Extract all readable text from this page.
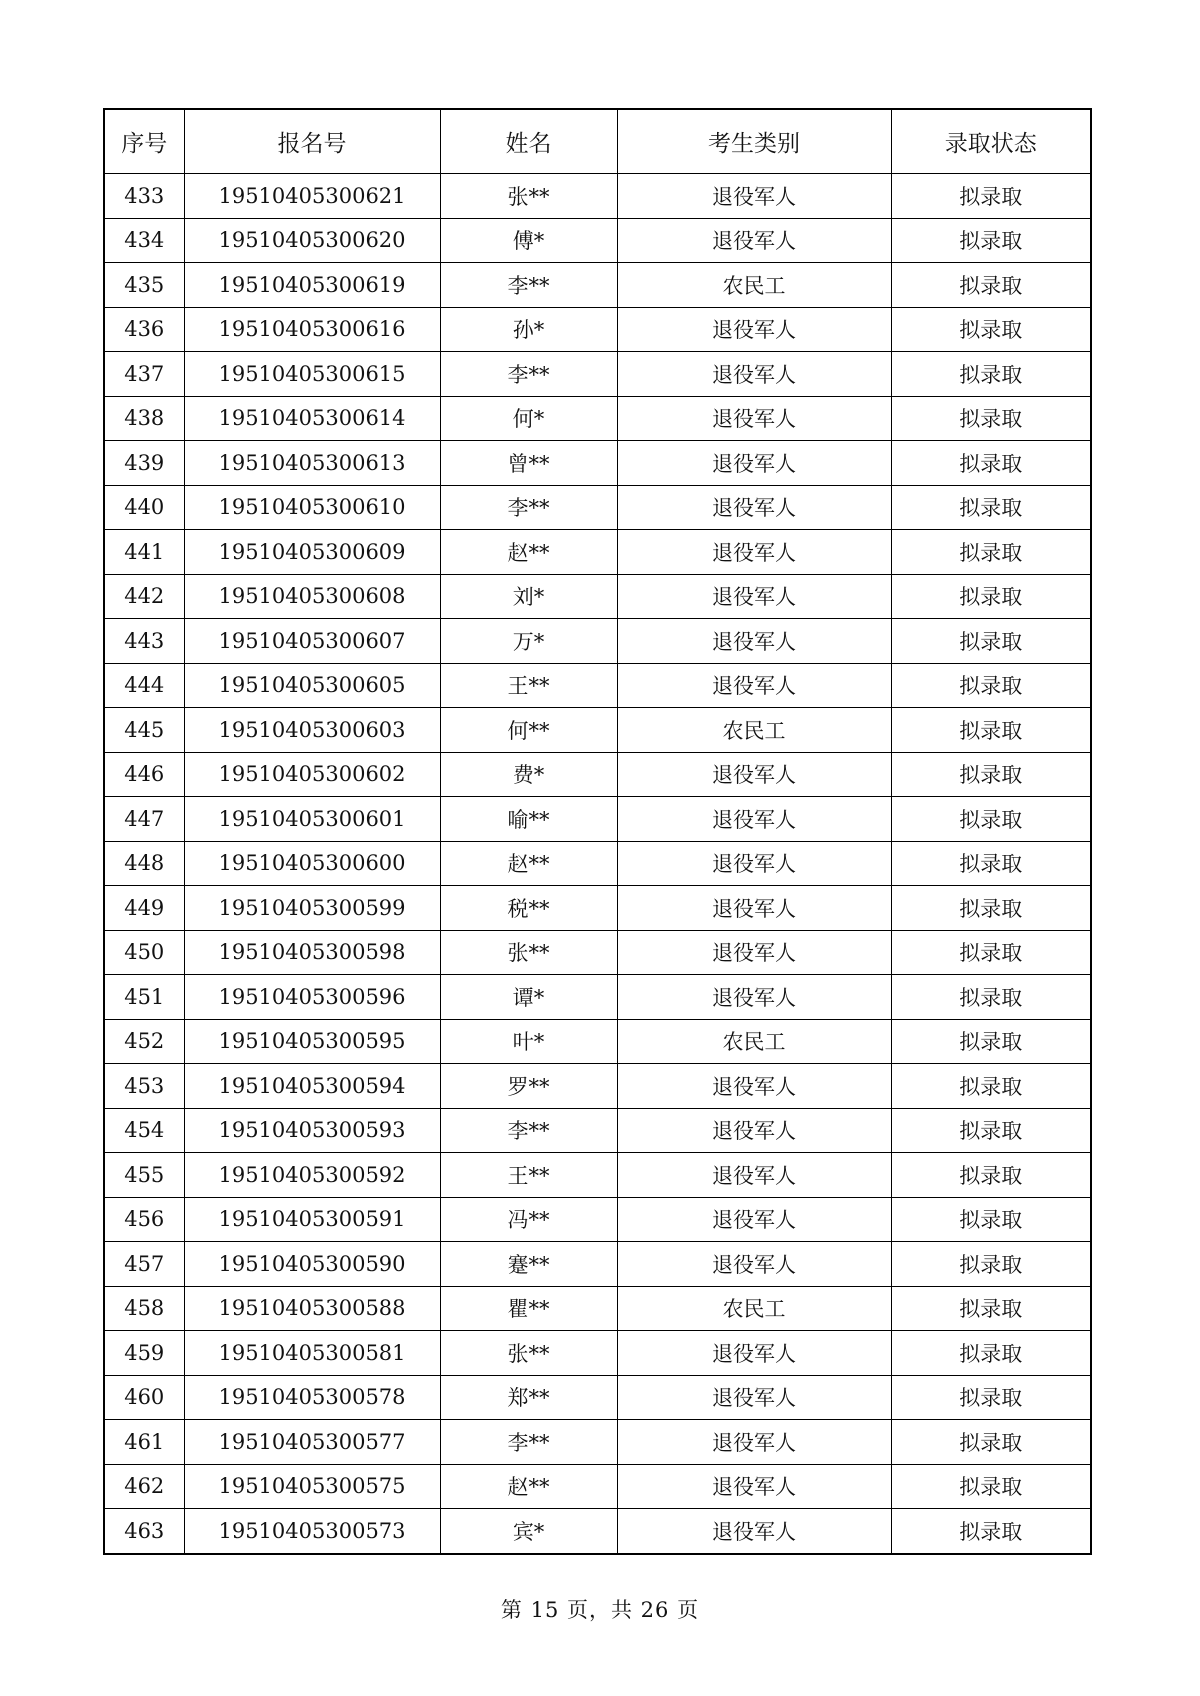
序号	报名号	姓名	考生类别	录取状态
433	19510405300621	张**	退役军人	拟录取
434	19510405300620	傅*	退役军人	拟录取
435	19510405300619	李**	农民工	拟录取
436	19510405300616	孙*	退役军人	拟录取
437	19510405300615	李**	退役军人	拟录取
438	19510405300614	何*	退役军人	拟录取
439	19510405300613	曾**	退役军人	拟录取
440	19510405300610	李**	退役军人	拟录取
441	19510405300609	赵**	退役军人	拟录取
442	19510405300608	刘*	退役军人	拟录取
443	19510405300607	万*	退役军人	拟录取
444	19510405300605	王**	退役军人	拟录取
445	19510405300603	何**	农民工	拟录取
446	19510405300602	费*	退役军人	拟录取
447	19510405300601	喻**	退役军人	拟录取
448	19510405300600	赵**	退役军人	拟录取
449	19510405300599	税**	退役军人	拟录取
450	19510405300598	张**	退役军人	拟录取
451	19510405300596	谭*	退役军人	拟录取
452	19510405300595	叶*	农民工	拟录取
453	19510405300594	罗**	退役军人	拟录取
454	19510405300593	李**	退役军人	拟录取
455	19510405300592	王**	退役军人	拟录取
456	19510405300591	冯**	退役军人	拟录取
457	19510405300590	蹇**	退役军人	拟录取
458	19510405300588	瞿**	农民工	拟录取
459	19510405300581	张**	退役军人	拟录取
460	19510405300578	郑**	退役军人	拟录取
461	19510405300577	李**	退役军人	拟录取
462	19510405300575	赵**	退役军人	拟录取
463	19510405300573	宾*	退役军人	拟录取
第 15 页，共 26 页
